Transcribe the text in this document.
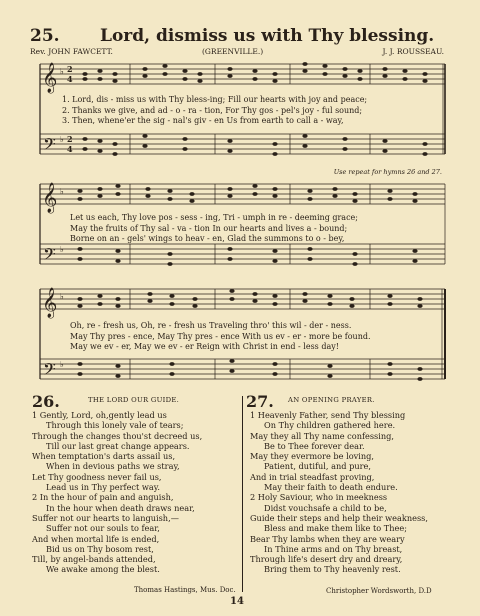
25. Lord, dismiss us with Thy blessing.
Rev. JOHN FAWCETT.	(GREENVILLE.)	J. J. ROUSSEAU.
𝄞
𝄢
♭
♭
2
4
2
4
1. Lord, dis - miss us with Thy bless-ing; Fill our hearts with joy and peace;
2. Thanks we give, and ad - o - ra - tion, For Thy gos - pel's joy - ful sound;
3. Then, whene'er the sig - nal's giv - en Us from earth to call a - way,
Use repeat for hymns 26 and 27.
𝄞
𝄢
♭
♭
Let us each, Thy love pos - sess - ing, Tri - umph in re - deeming grace;
May the fruits of Thy sal - va - tion In our hearts and lives a - bound;
Borne on an - gels' wings to heav - en, Glad the summons to o - bey,
𝄞
𝄢
♭
♭
Oh, re - fresh us, Oh, re - fresh us Traveling thro' this wil - der - ness.
May Thy pres - ence, May Thy pres - ence With us ev - er - more be found.
May we ev - er, May we ev - er Reign with Christ in end - less day!
26.	THE LORD OUR GUIDE.
1 Gently, Lord, oh,gently lead us
Through this lonely vale of tears;
Through the changes thou'st decreed us,
Till our last great change appears.
When temptation's darts assail us,
When in devious paths we stray,
Let Thy goodness never fail us,
Lead us in Thy perfect way.
2 In the hour of pain and anguish,
In the hour when death draws near,
Suffer not our hearts to languish,—
Suffer not our souls to fear,
And when mortal life is ended,
Bid us on Thy bosom rest,
Till, by angel-bands attended,
We awake among the blest.
27. AN OPENING PRAYER.
1 Heavenly Father, send Thy blessing
On Thy children gathered here.
May they all Thy name confessing,
Be to Thee forever dear.
May they evermore be loving,
Patient, dutiful, and pure,
And in trial steadfast proving,
May their faith to death endure.
2 Holy Saviour, who in meekness
Didst vouchsafe a child to be,
Guide their steps and help their weakness,
Bless and make them like to Thee;
Bear Thy lambs when they are weary
In Thine arms and on Thy breast,
Through life's desert dry and dreary,
Bring them to Thy heavenly rest.
Thomas Hastings, Mus. Doc.	Christopher Wordsworth, D.D
14
